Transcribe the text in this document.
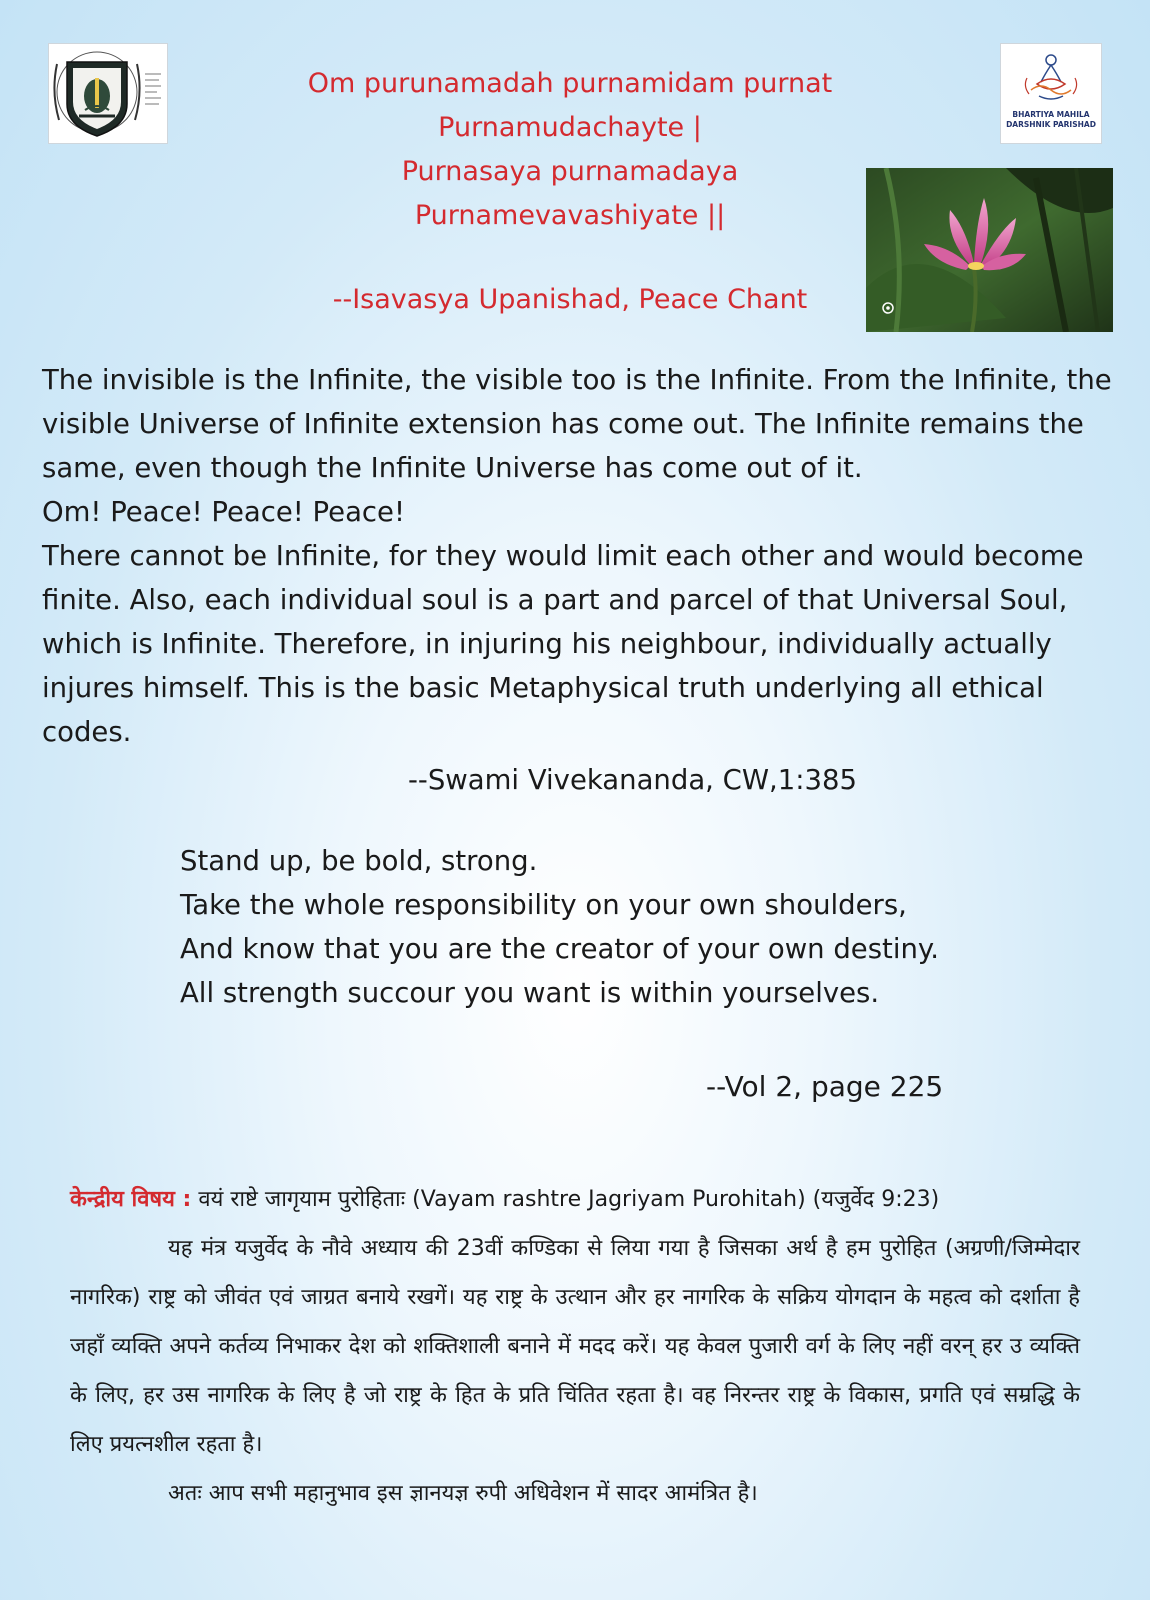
BHARTIYA MAHILA
DARSHNIK PARISHAD
Om purunamadah purnamidam purnat
Purnamudachayte |
Purnasaya purnamadaya
Purnamevavashiyate ||
--Isavasya Upanishad, Peace Chant
The invisible is the Infinite, the visible too is the Infinite. From the Infinite, the
visible Universe of Infinite extension has come out. The Infinite remains the
same, even though the Infinite Universe has come out of it.
Om! Peace! Peace! Peace!
There cannot be Infinite, for they would limit each other and would become
finite. Also, each individual soul is a part and parcel of that Universal Soul,
which is Infinite. Therefore, in injuring his neighbour, individually actually
injures himself. This is the basic Metaphysical truth underlying all ethical
codes.
--Swami Vivekananda, CW,1:385
Stand up, be bold, strong.
Take the whole responsibility on your own shoulders,
And know that you are the creator of your own destiny.
All strength succour you want is within yourselves.
--Vol 2, page 225
केन्द्रीय विषय : वयं राष्टे जागृयाम पुरोहिताः (Vayam rashtre Jagriyam Purohitah) (यजुर्वेद 9:23)
यह मंत्र यजुर्वेद के नौवे अध्याय की 23वीं कण्डिका से लिया गया है जिसका अर्थ है हम पुरोहित (अग्रणी/जिम्मेदार नागरिक) राष्ट्र को जीवंत एवं जाग्रत बनाये रखगें। यह राष्ट्र के उत्थान और हर नागरिक के सक्रिय योगदान के महत्व को दर्शाता है जहाँ व्यक्ति अपने कर्तव्य निभाकर देश को शक्तिशाली बनाने में मदद करें। यह केवल पुजारी वर्ग के लिए नहीं वरन् हर उ व्यक्ति के लिए, हर उस नागरिक के लिए है जो राष्ट्र के हित के प्रति चिंतित रहता है। वह निरन्तर राष्ट्र के विकास, प्रगति एवं सम्रद्धि के लिए प्रयत्नशील रहता है।
अतः आप सभी महानुभाव इस ज्ञानयज्ञ रुपी अधिवेशन में सादर आमंत्रित है।
